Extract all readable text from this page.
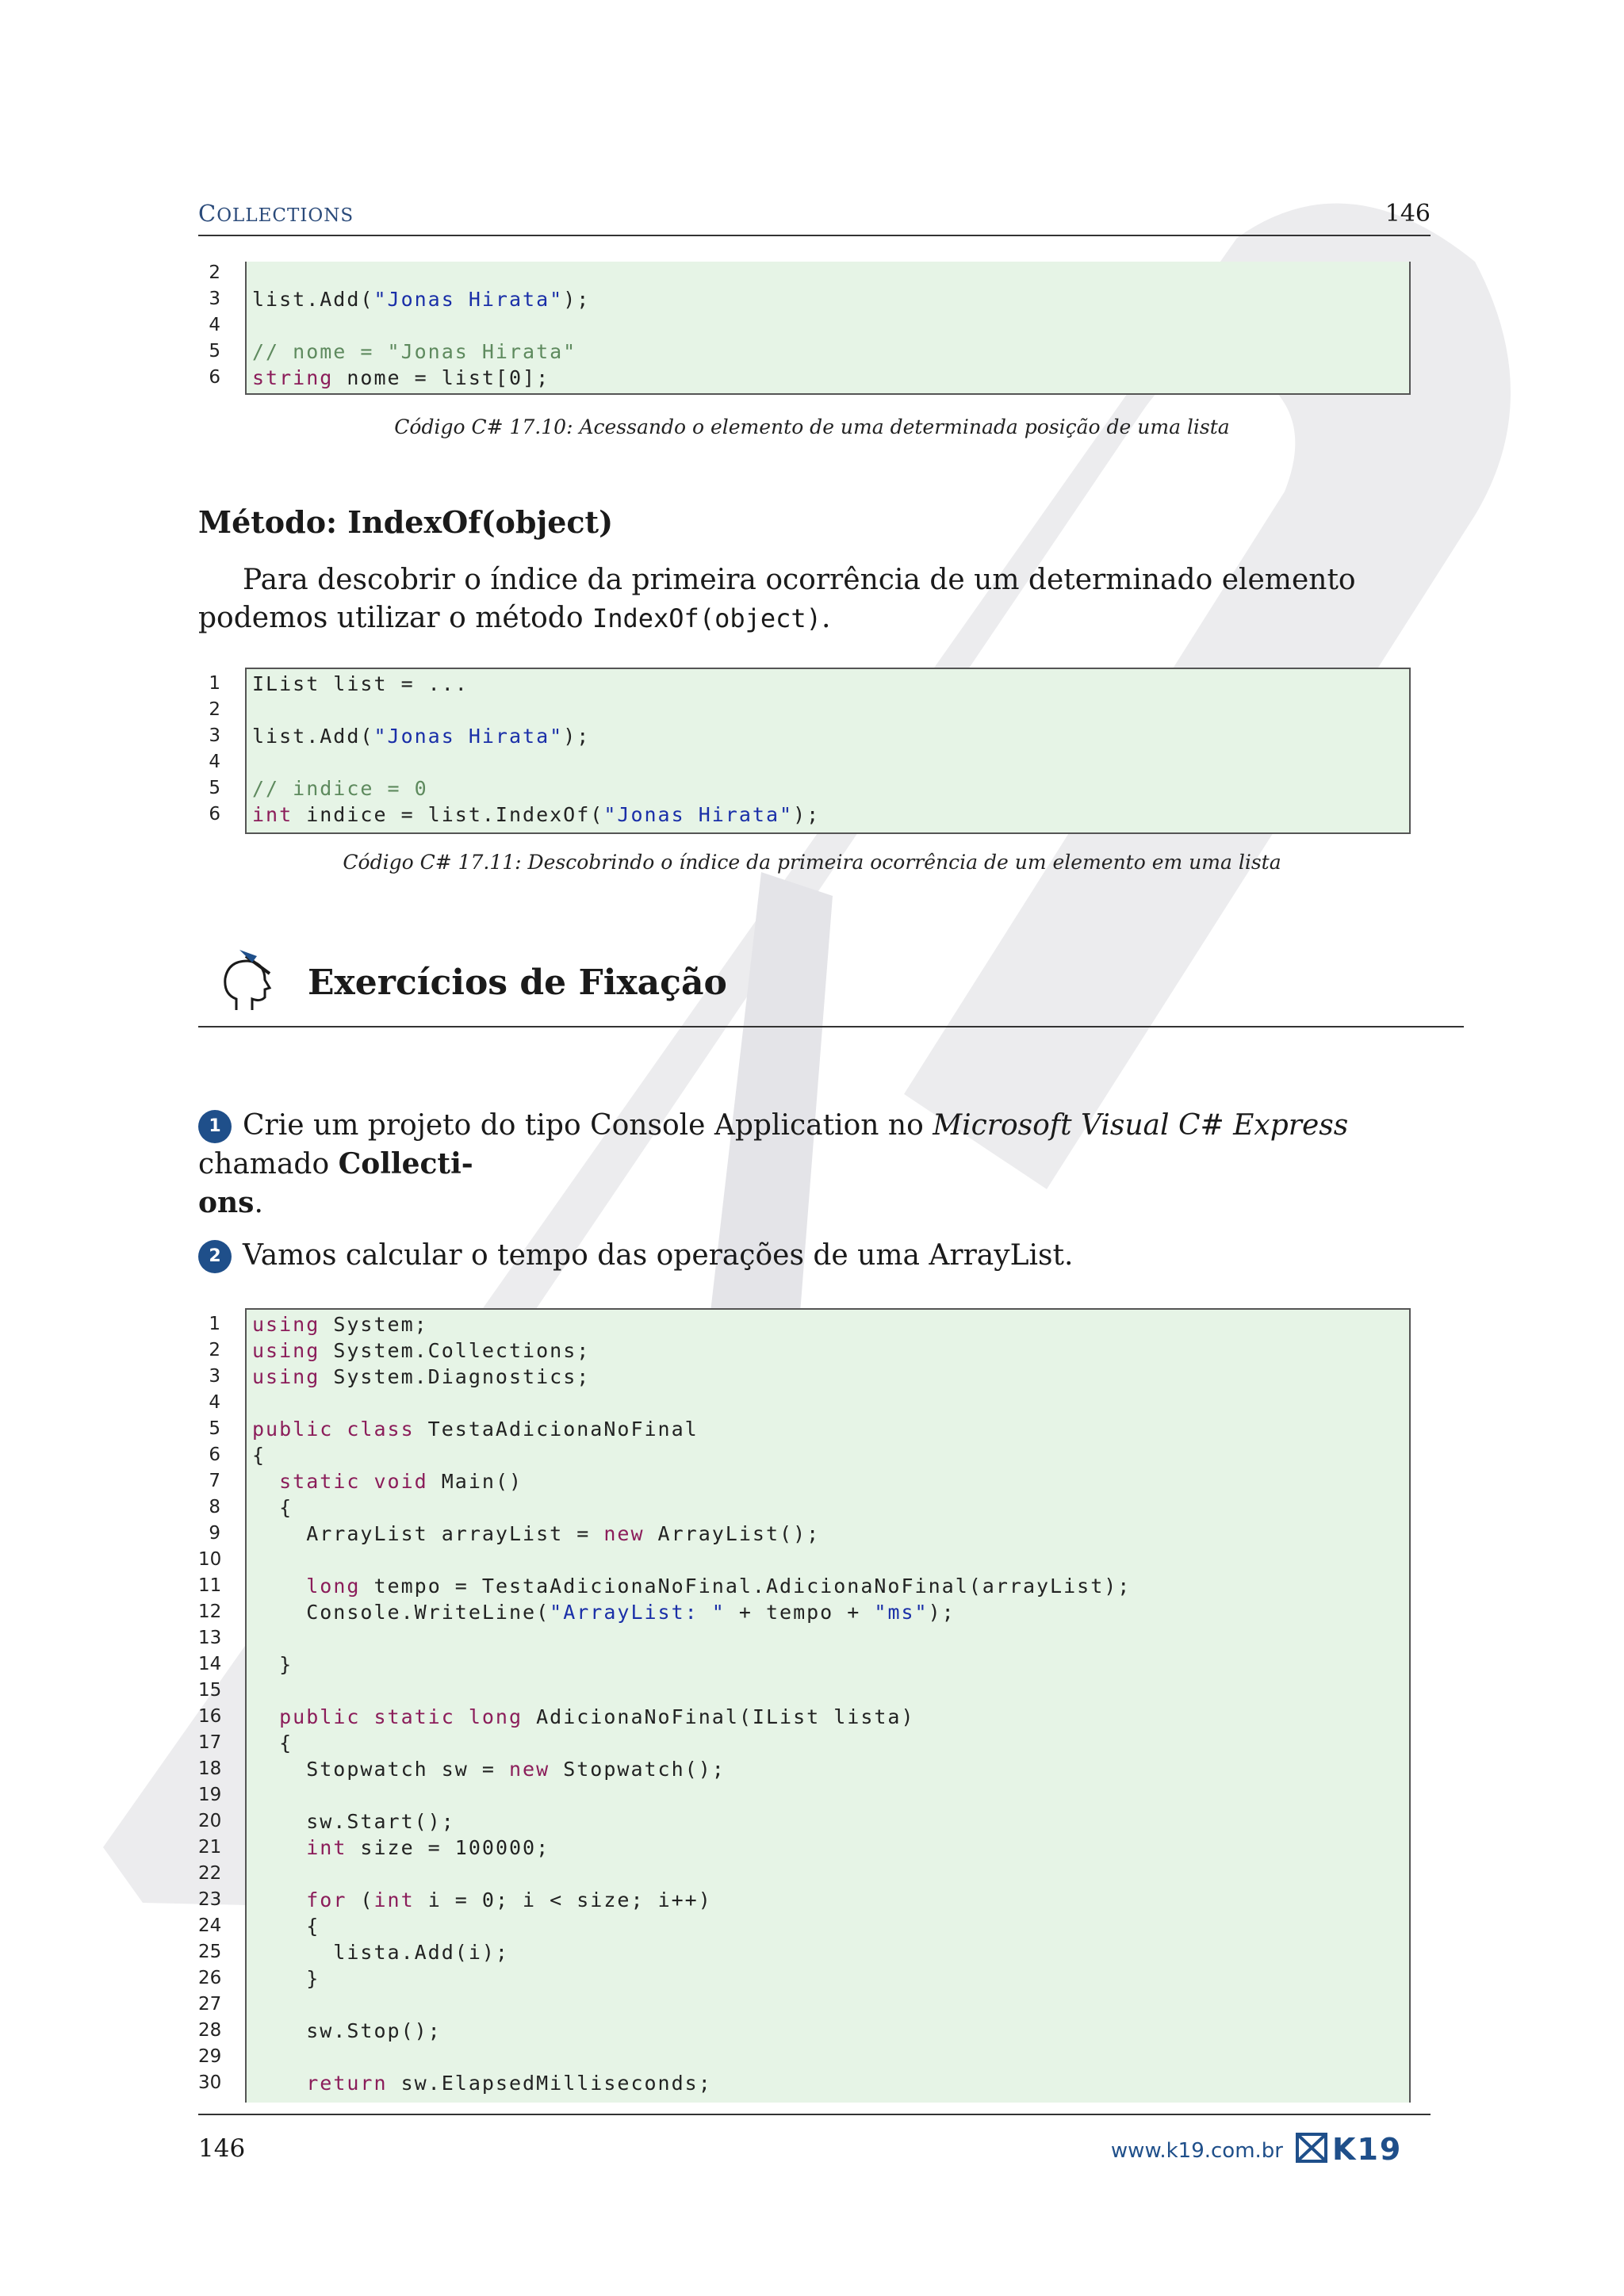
COLLECTIONS	146
2
3 list.Add("Jonas Hirata");
4
5 // nome = "Jonas Hirata"
6 string nome = list[0];
Código C# 17.10: Acessando o elemento de uma determinada posição de uma lista
Método: IndexOf(object)
Para descobrir o índice da primeira ocorrência de um determinado elemento podemos utilizar o método IndexOf(object).
1 IList list = ...
2
3 list.Add("Jonas Hirata");
4
5 // indice = 0
6 int indice = list.IndexOf("Jonas Hirata");
Código C# 17.11: Descobrindo o índice da primeira ocorrência de um elemento em uma lista
Exercícios de Fixação
1 Crie um projeto do tipo Console Application no Microsoft Visual C# Express chamado Collecti-
ons.
2 Vamos calcular o tempo das operações de uma ArrayList.
1 using System;
2 using System.Collections;
3 using System.Diagnostics;
4
5 public class TestaAdicionaNoFinal
6 {
7	static void Main()
8 {
9 ArrayList arrayList = new ArrayList();
10
11	long tempo = TestaAdicionaNoFinal.AdicionaNoFinal(arrayList);
12 Console.WriteLine("ArrayList: " + tempo + "ms");
13
14 }
15
16	public static long AdicionaNoFinal(IList lista)
17 {
18 Stopwatch sw = new Stopwatch();
19
20 sw.Start();
21	int size = 100000;
22
23	for (int i = 0; i < size; i++)
24 {
25 lista.Add(i);
26 }
27
28 sw.Stop();
29
30	return sw.ElapsedMilliseconds;
146	www.k19.com.br K19
